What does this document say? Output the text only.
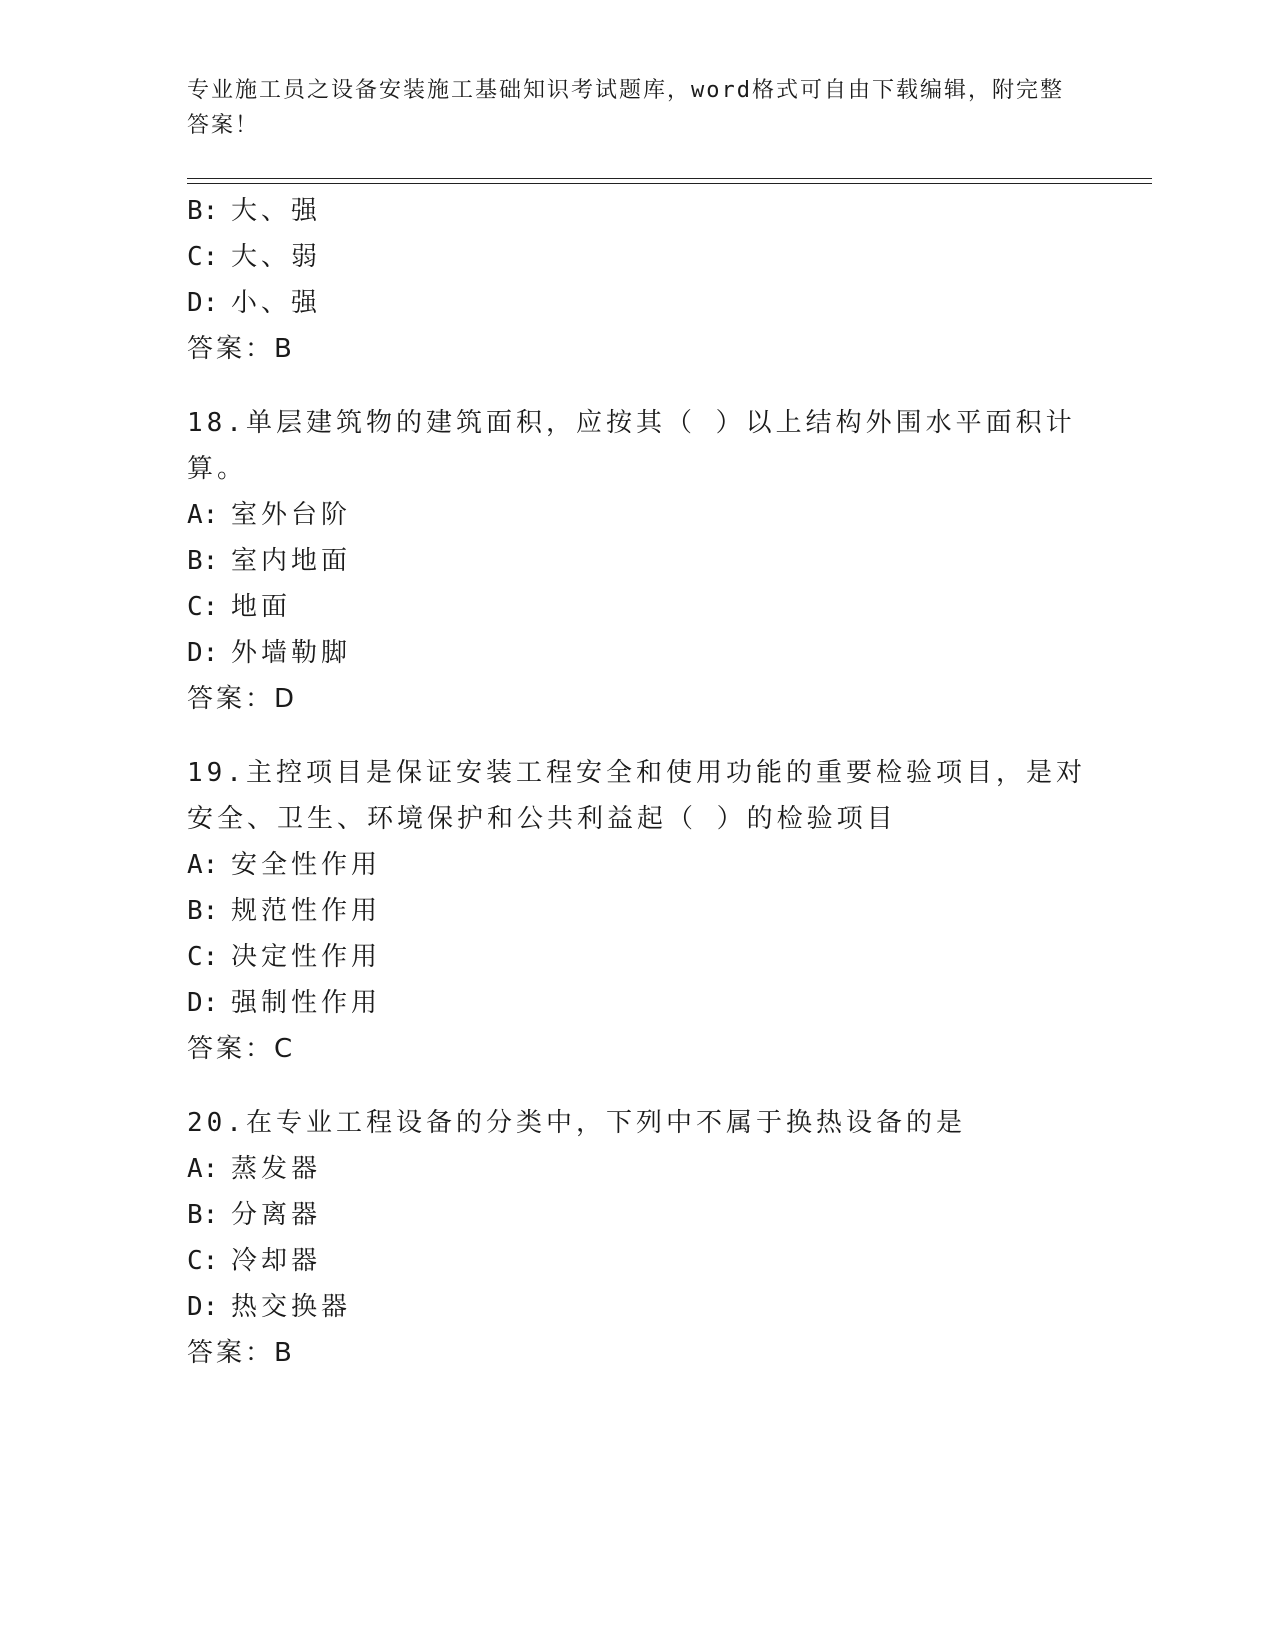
专业施工员之设备安装施工基础知识考试题库，word格式可自由下载编辑，附完整答案！
B: 大、强
C: 大、弱
D: 小、强
答案：B
18.单层建筑物的建筑面积，应按其（ ）以上结构外围水平面积计算。
A: 室外台阶
B: 室内地面
C: 地面
D: 外墙勒脚
答案：D
19.主控项目是保证安装工程安全和使用功能的重要检验项目，是对安全、卫生、环境保护和公共利益起（ ）的检验项目
A: 安全性作用
B: 规范性作用
C: 决定性作用
D: 强制性作用
答案：C
20.在专业工程设备的分类中，下列中不属于换热设备的是
A: 蒸发器
B: 分离器
C: 冷却器
D: 热交换器
答案：B
